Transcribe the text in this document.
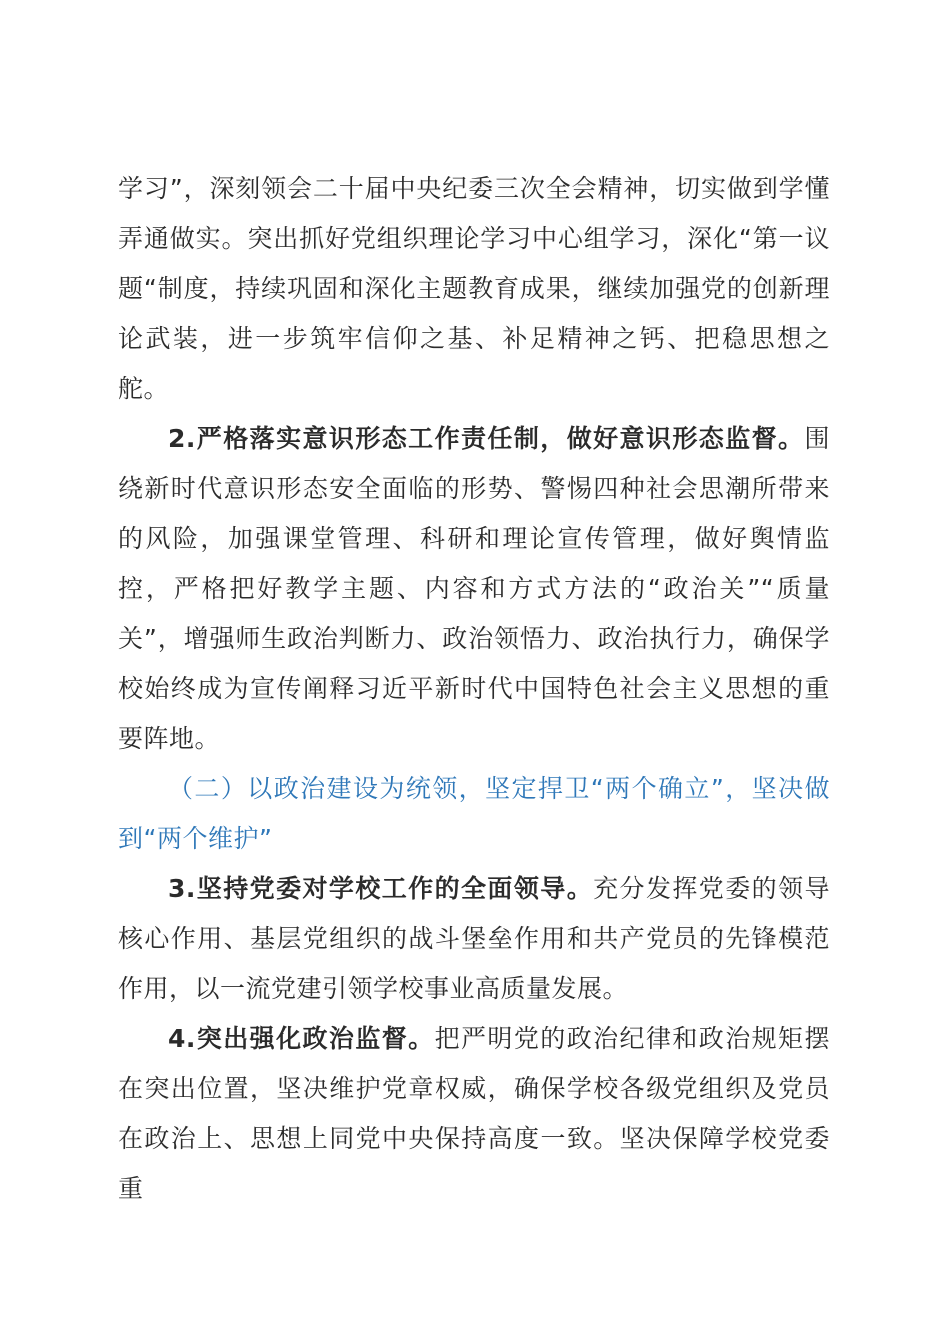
学习”，深刻领会二十届中央纪委三次全会精神，切实做到学懂弄通做实。突出抓好党组织理论学习中心组学习，深化“第一议题“制度，持续巩固和深化主题教育成果，继续加强党的创新理论武装，进一步筑牢信仰之基、补足精神之钙、把稳思想之舵。

2.严格落实意识形态工作责任制，做好意识形态监督。围绕新时代意识形态安全面临的形势、警惕四种社会思潮所带来的风险，加强课堂管理、科研和理论宣传管理，做好舆情监控，严格把好教学主题、内容和方式方法的“政治关”“质量关”，增强师生政治判断力、政治领悟力、政治执行力，确保学校始终成为宣传阐释习近平新时代中国特色社会主义思想的重要阵地。

（二）以政治建设为统领，坚定捍卫“两个确立”，坚决做到“两个维护”

3.坚持党委对学校工作的全面领导。充分发挥党委的领导核心作用、基层党组织的战斗堡垒作用和共产党员的先锋模范作用，以一流党建引领学校事业高质量发展。

4.突出强化政治监督。把严明党的政治纪律和政治规矩摆在突出位置，坚决维护党章权威，确保学校各级党组织及党员在政治上、思想上同党中央保持高度一致。坚决保障学校党委重
